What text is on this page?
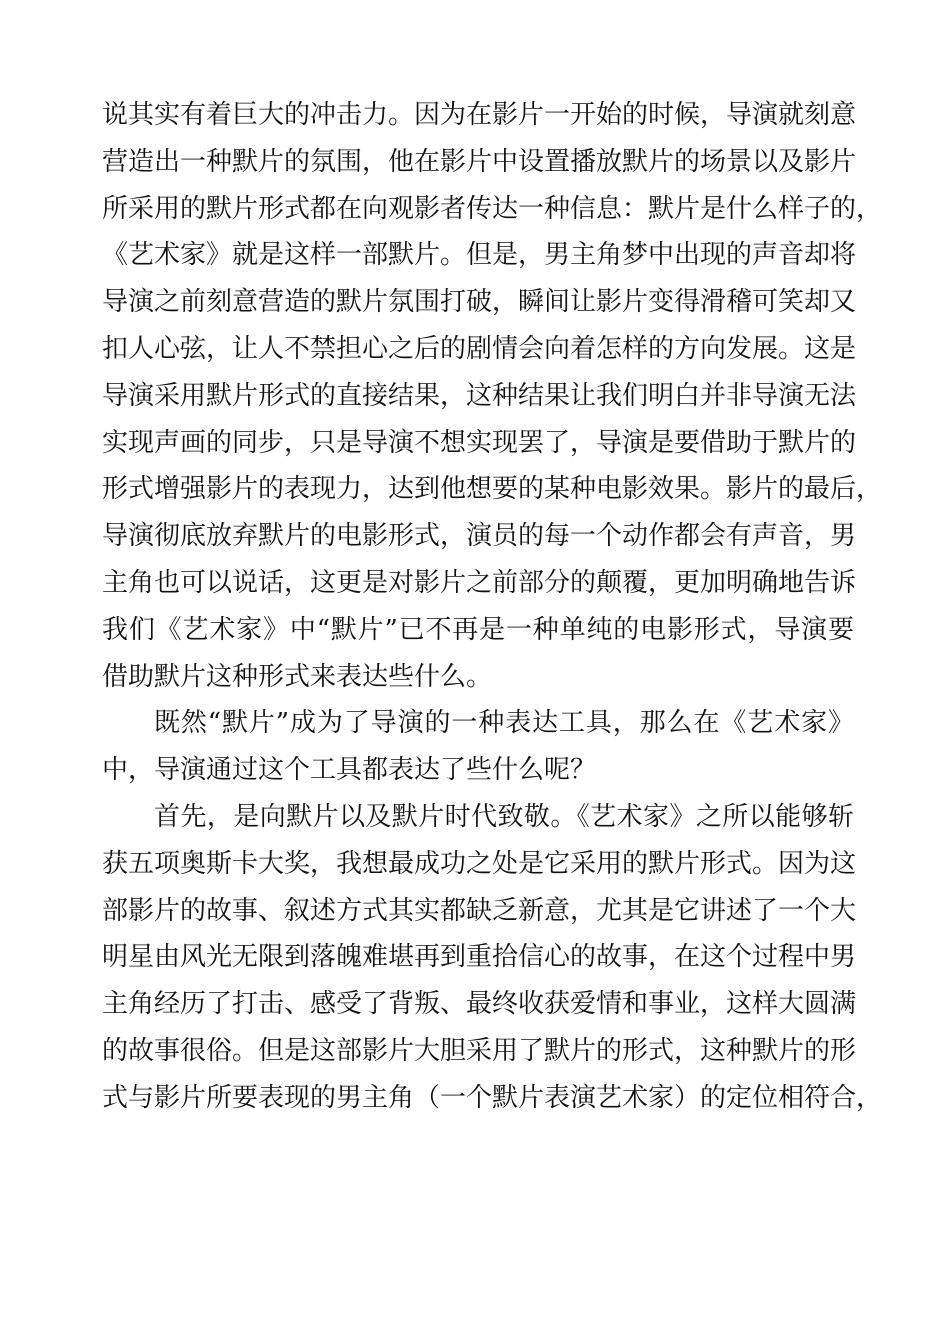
说其实有着巨大的冲击力。因为在影片一开始的时候，导演就刻意
营造出一种默片的氛围，他在影片中设置播放默片的场景以及影片
所采用的默片形式都在向观影者传达一种信息：默片是什么样子的，
《艺术家》就是这样一部默片。但是，男主角梦中出现的声音却将
导演之前刻意营造的默片氛围打破，瞬间让影片变得滑稽可笑却又
扣人心弦，让人不禁担心之后的剧情会向着怎样的方向发展。这是
导演采用默片形式的直接结果，这种结果让我们明白并非导演无法
实现声画的同步，只是导演不想实现罢了，导演是要借助于默片的
形式增强影片的表现力，达到他想要的某种电影效果。影片的最后，
导演彻底放弃默片的电影形式，演员的每一个动作都会有声音，男
主角也可以说话，这更是对影片之前部分的颠覆，更加明确地告诉
我们《艺术家》中“默片”已不再是一种单纯的电影形式，导演要
借助默片这种形式来表达些什么。
既然“默片”成为了导演的一种表达工具，那么在《艺术家》
中，导演通过这个工具都表达了些什么呢？
首先，是向默片以及默片时代致敬。《艺术家》之所以能够斩
获五项奥斯卡大奖，我想最成功之处是它采用的默片形式。因为这
部影片的故事、叙述方式其实都缺乏新意，尤其是它讲述了一个大
明星由风光无限到落魄难堪再到重拾信心的故事，在这个过程中男
主角经历了打击、感受了背叛、最终收获爱情和事业，这样大圆满
的故事很俗。但是这部影片大胆采用了默片的形式，这种默片的形
式与影片所要表现的男主角（一个默片表演艺术家）的定位相符合，
